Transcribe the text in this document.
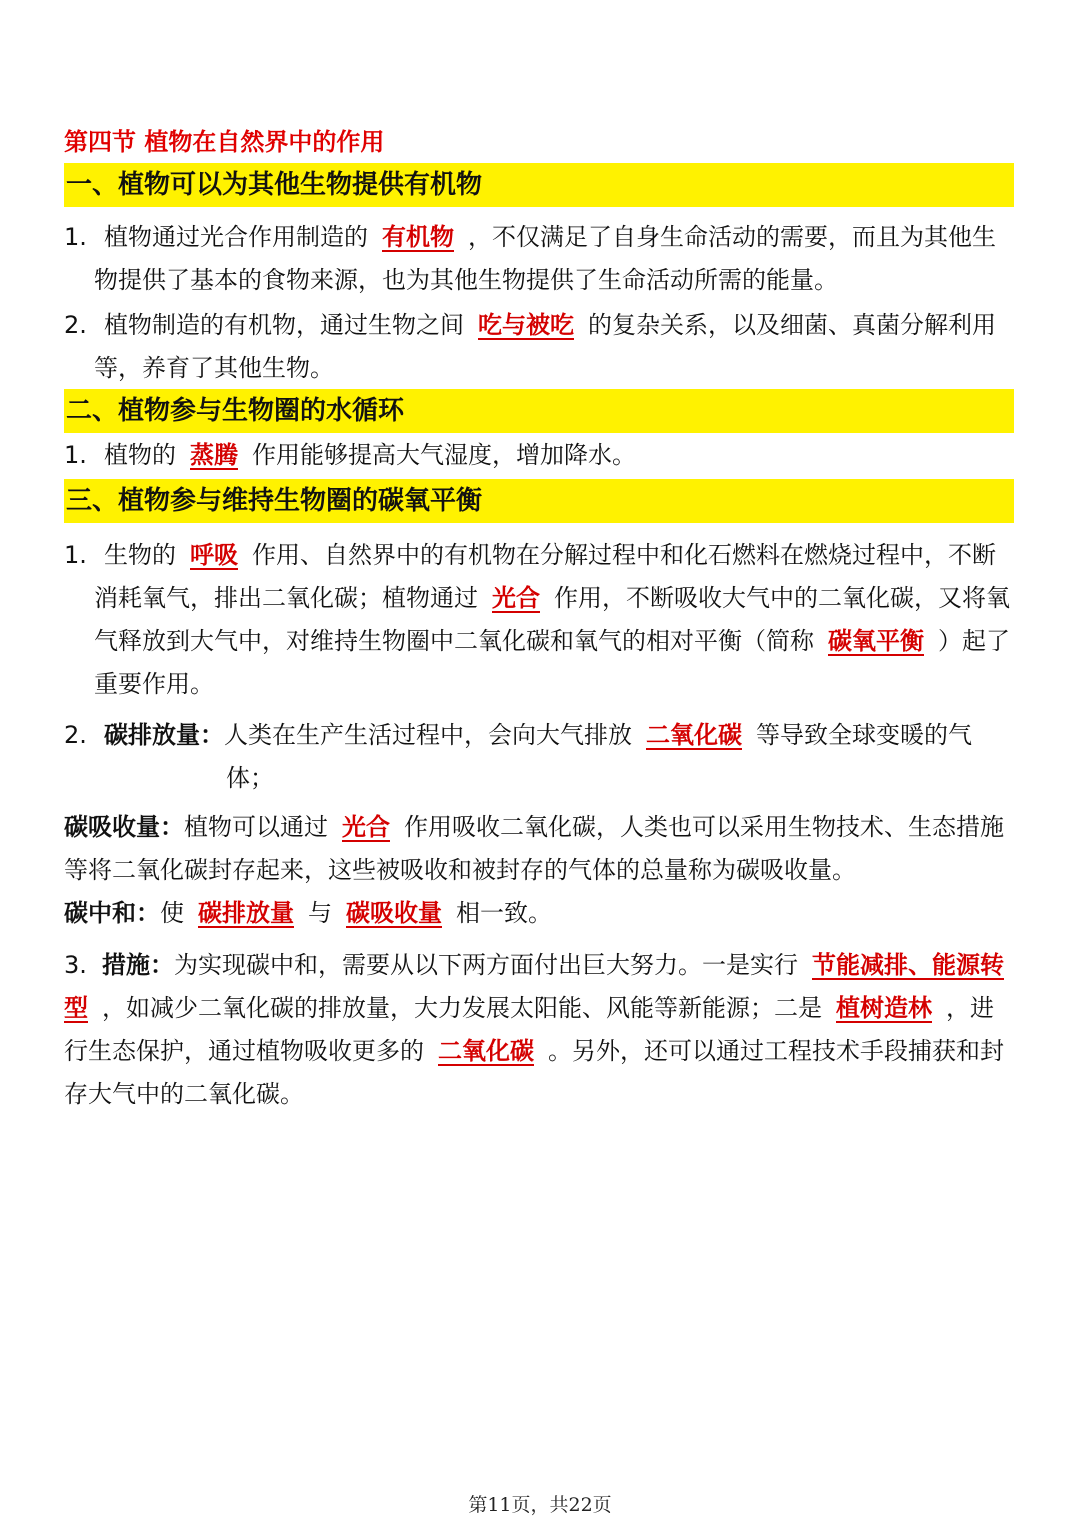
第四节 植物在自然界中的作用
一、植物可以为其他生物提供有机物

1. 植物通过光合作用制造的 有机物 ，不仅满足了自身生命活动的需要，而且为其他生物提供了基本的食物来源，也为其他生物提供了生命活动所需的能量。

2. 植物制造的有机物，通过生物之间 吃与被吃 的复杂关系，以及细菌、真菌分解利用等，养育了其他生物。

二、植物参与生物圈的水循环

1. 植物的 蒸腾 作用能够提高大气湿度，增加降水。

三、植物参与维持生物圈的碳氧平衡

1. 生物的 呼吸 作用、自然界中的有机物在分解过程中和化石燃料在燃烧过程中，不断消耗氧气，排出二氧化碳；植物通过 光合 作用，不断吸收大气中的二氧化碳，又将氧气释放到大气中，对维持生物圈中二氧化碳和氧气的相对平衡（简称 碳氧平衡 ）起了重要作用。

2. 碳排放量：人类在生产生活过程中，会向大气排放 二氧化碳 等导致全球变暖的气体；

碳吸收量：植物可以通过 光合 作用吸收二氧化碳，人类也可以采用生物技术、生态措施等将二氧化碳封存起来，这些被吸收和被封存的气体的总量称为碳吸收量。

碳中和：使 碳排放量 与 碳吸收量 相一致。

3. 措施：为实现碳中和，需要从以下两方面付出巨大努力。一是实行 节能减排、能源转型 ，如减少二氧化碳的排放量，大力发展太阳能、风能等新能源；二是 植树造林 ，进行生态保护，通过植物吸收更多的 二氧化碳 。另外，还可以通过工程技术手段捕获和封存大气中的二氧化碳。

第11页，共22页
